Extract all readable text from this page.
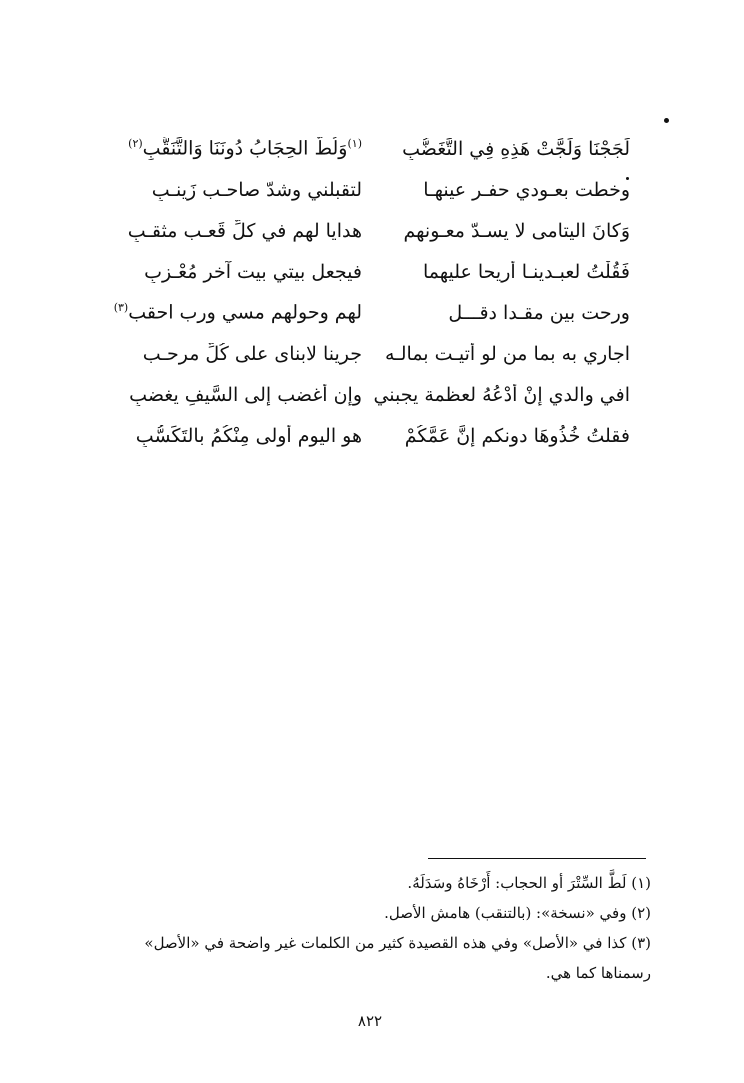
لَجَجْنَا وَلَجَّتْ هَذِهِ فِي التَّغَضُّبِ
$^{(١)}$وَلُطَّ الحِجَابُ دُونَنَا وَالتَّنَقُّبِ$^{(٢)}$
وخطت بعـودي حفـر عينهـا
لتقبلني وشدّ صاحـب زَينـبِ
وَكانَ اليتامى لا يسـدّ معـونهم
هدايا لهم في كلِّ قَعـب مثقـبِ
فَقُلْتُ لعبـدينـا أريحا عليهما
فيجعل بيتي بيت آخر مُعْـزِبِ
ورحت بين مقـدا دقـــل
لهم وحولهم مسي ورب احقب$^{(٣)}$
اجاري به بما من لو أتيـت بمالـه
جرينا لابناى على كُلِّ مرحـب
افي والدي إنْ أَدْعُهُ لعظمة يجبني
وإن أغضب إلى السَّيفِ يغضبِ
فقلتُ خُذُوهَا دونكم إنَّ عَمَّكُمْ
هو اليوم أولى مِنْكُمُ بالتَكَسُّبِ
(١) لَطَّ السِّتْرَ أو الحجاب: أَرْخَاهُ وسَدَلَهُ.
(٢) وفي «نسخة»: (بالتنقب) هامش الأصل.
(٣) كذا في «الأصل» وفي هذه القصيدة كثير من الكلمات غير واضحة في «الأصل» رسمناها كما هي.
٨٢٢
